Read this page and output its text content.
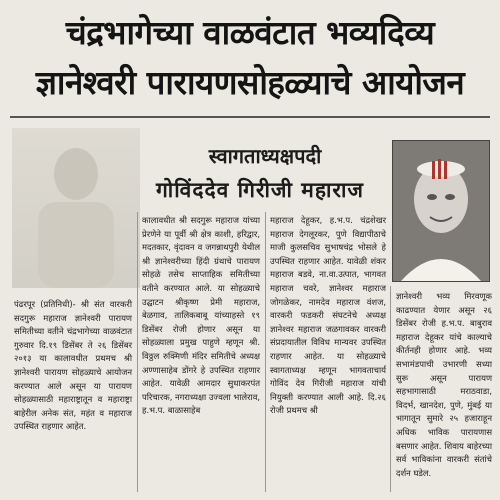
चंद्रभागेच्या वाळवंटात भव्यदिव्य
ज्ञानेश्वरी पारायणसोहळ्याचे आयोजन
स्वागताध्यक्षपदी
गोविंददेव गिरीजी महाराज

पंढरपूर (प्रतिनिधी)- श्री संत वारकरी सदगुरू महाराज ज्ञानेश्वरी पारायण समितीच्या वतीने चंद्रभागेच्या वाळवंटात गुरुवार दि.१९ डिसेंबर ते २६ डिसेंबर २०१३ या कालावधीत प्रथमच श्री ज्ञानेश्वरी पारायण सोहळ्याचे आयोजन करण्यात आले असून या पारायण सोहळ्यासाठी महाराष्ट्रातून व महाराष्ट्रा बाहेरील अनेक संत, महंत व महाराज उपस्थित राहणार आहेत.

कालावधीत श्री सदगुरू महाराज यांच्या प्रेरणेने या पूर्वी श्री क्षेत्र काशी, हरिद्वार, मदतकार, वृंदावन व जगन्नाथपुरी येथील श्री ज्ञानेश्वरीच्या हिंदी ग्रंथाचे पारायण सोहळे तसेच साप्ताहिक समितीच्या वतीने करण्यात आले. या सोहळ्याचे उद्घाटन श्रीकृष्ण प्रेमी महाराज, बेळगाव, तालिकबाबू यांच्याहस्ते १९ डिसेंबर रोजी होणार असून या सोहळ्याला प्रमुख पाहुणे म्हणून श्री. विठ्ठल रुक्मिणी मंदिर समितीचे अध्यक्ष अण्णासाहेब डोंगरे हे उपस्थित राहणार आहेत. यावेळी आमदार सुधाकरपंत परिचारक, नगराध्यक्षा उज्वला भालेराव, ह.भ.प. बाळासाहेब

महाराज देहूकर, ह.भ.प. चंद्रशेखर महाराज देगलूरकर, पुणे विद्यापीठाचे माजी कुलसचिव सुभाषचंद्र भोसले हे उपस्थित राहणार आहेत. यावेळी शंकर महाराज बडवे, ना.वा.उत्पात, भागवत महाराज चवरे, ज्ञानेश्वर महाराज जोगळेकर, नामदेव महाराज वंशज, वारकरी फडकरी संघटनेचे अध्यक्ष ज्ञानेश्वर महाराज जळगावकर वारकरी संप्रदायातील विविध मान्यवर उपस्थित राहणार आहेत. या सोहळ्याचे स्वागताध्यक्ष म्हणून भागवताचार्य गोविंद देव गिरीजी महाराज यांची नियुक्ती करण्यात आली आहे. दि.२६ रोजी प्रथमच श्री

ज्ञानेश्वरी भव्य मिरवणूक काढण्यात येणार असून २६ डिसेंबर रोजी ह.भ.प. बाबुराव महाराज देहूकर यांचे काल्याचे कीर्तनही होणार आहे. भव्य सभामंडपाची उभारणी सध्या सुरू असून पारायण सहभागासाठी मराठवाडा, विदर्भ, खानदेश, पुणे, मुंबई या भागातून सुमारे २५ हजाराहून अधिक भाविक पारायणास बसणार आहेत. शिवाय बाहेरच्या सर्व भाविकांना वारकरी संतांचे दर्शन घडेल.
